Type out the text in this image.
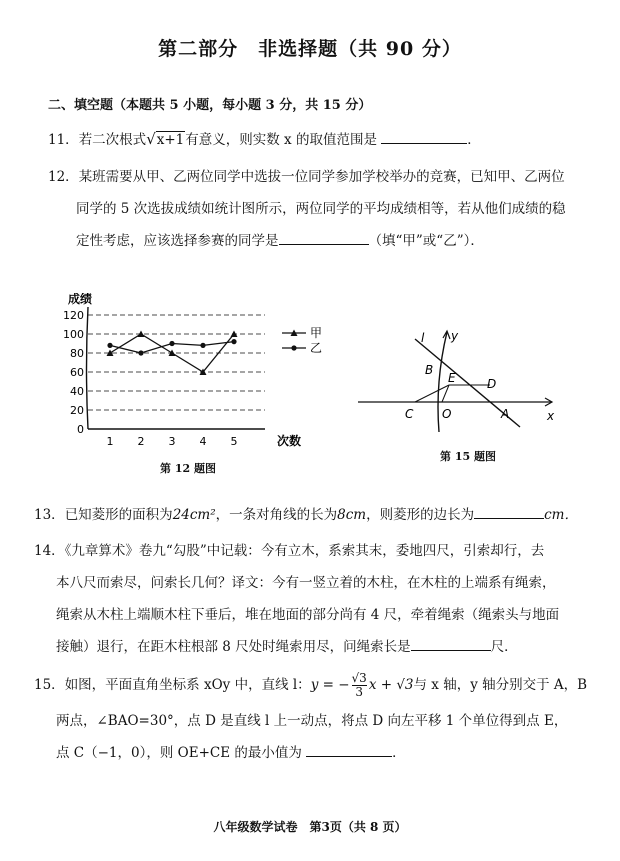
第二部分　非选择题（共 90 分）
二、填空题（本题共 5 小题，每小题 3 分，共 15 分）
11．若二次根式√x+1有意义，则实数 x 的取值范围是	．
12．某班需要从甲、乙两位同学中选拔一位同学参加学校举办的竞赛，已知甲、乙两位
同学的 5 次选拔成绩如统计图所示，两位同学的平均成绩相等，若从他们成绩的稳
定性考虑，应该选择参赛的同学是	（填“甲”或“乙”）．
0
20
40
60
80
100
120
1 2 3 4 5
成绩
次数
甲
乙
第 12 题图
l y
B
E	D
C O	A	x
第 15 题图
13．已知菱形的面积为24cm²，一条对角线的长为8cm，则菱形的边长为	cm．
14．《九章算术》卷九“勾股”中记载：今有立木，系索其末，委地四尺，引索却行，去
本八尺而索尽，问索长几何？译文：今有一竖立着的木柱，在木柱的上端系有绳索，
绳索从木柱上端顺木柱下垂后，堆在地面的部分尚有 4 尺，牵着绳索（绳索头与地面
接触）退行，在距木柱根部 8 尺处时绳索用尽，问绳索长是	尺．
15．如图，平面直角坐标系 xOy 中，直线 l：y = − $\frac{√3}{3}$ x + √3与 x 轴，y 轴分别交于 A，B
两点，∠BAO=30°，点 D 是直线 l 上一动点，将点 D 向左平移 1 个单位得到点 E，
点 C（−1，0），则 OE+CE 的最小值为	．
八年级数学试卷　第3页（共 8 页）
